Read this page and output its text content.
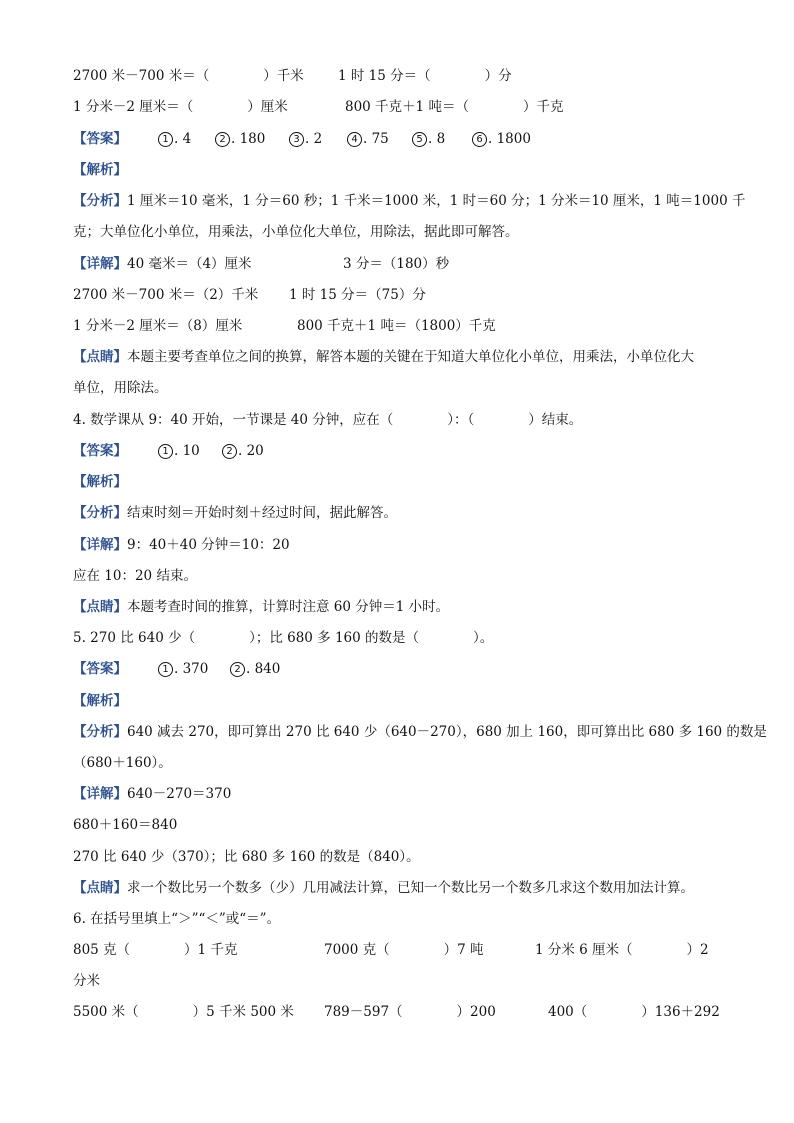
2700 米－700 米＝（　　　　）千米	1 时 15 分＝（　　　　）分
1 分米－2 厘米＝（　　　　）厘米	800 千克＋1 吨＝（　　　　）千克
【答案】	1 . 4	2 . 180	3 . 2	4 . 75	5 . 8	6 . 1800
【解析】
【分析】1 厘米＝10 毫米，1 分＝60 秒；1 千米＝1000 米，1 时＝60 分；1 分米＝10 厘米，1 吨＝1000 千
克；大单位化小单位，用乘法，小单位化大单位，用除法，据此即可解答。
【详解】40 毫米＝（4）厘米	3 分＝（180）秒
2700 米－700 米＝（2）千米 1 时 15 分＝（75）分
1 分米－2 厘米＝（8）厘米	800 千克＋1 吨＝（1800）千克
【点睛】本题主要考查单位之间的换算，解答本题的关键在于知道大单位化小单位，用乘法，小单位化大
单位，用除法。
4. 数学课从 9：40 开始，一节课是 40 分钟，应在（　　　　）：（　　　　）结束。
【答案】	1 . 10	2 . 20
【解析】
【分析】结束时刻＝开始时刻＋经过时间，据此解答。
【详解】9：40＋40 分钟＝10：20
应在 10：20 结束。
【点睛】本题考查时间的推算，计算时注意 60 分钟＝1 小时。
5. 270 比 640 少（　　　　）；比 680 多 160 的数是（　　　　）。
【答案】	1 . 370	2 . 840
【解析】
【分析】640 减去 270，即可算出 270 比 640 少（640－270），680 加上 160，即可算出比 680 多 160 的数是
（680＋160）。
【详解】640－270＝370
680＋160＝840
270 比 640 少（370）；比 680 多 160 的数是（840）。
【点睛】求一个数比另一个数多（少）几用减法计算，已知一个数比另一个数多几求这个数用加法计算。
6. 在括号里填上“＞”“＜”或“＝”。
805 克（　　　　）1 千克	7000 克（　　　　）7 吨	1 分米 6 厘米（　　　　）2
分米
5500 米（　　　　）5 千米 500 米 789－597（　　　　）200	400（　　　　）136＋292
